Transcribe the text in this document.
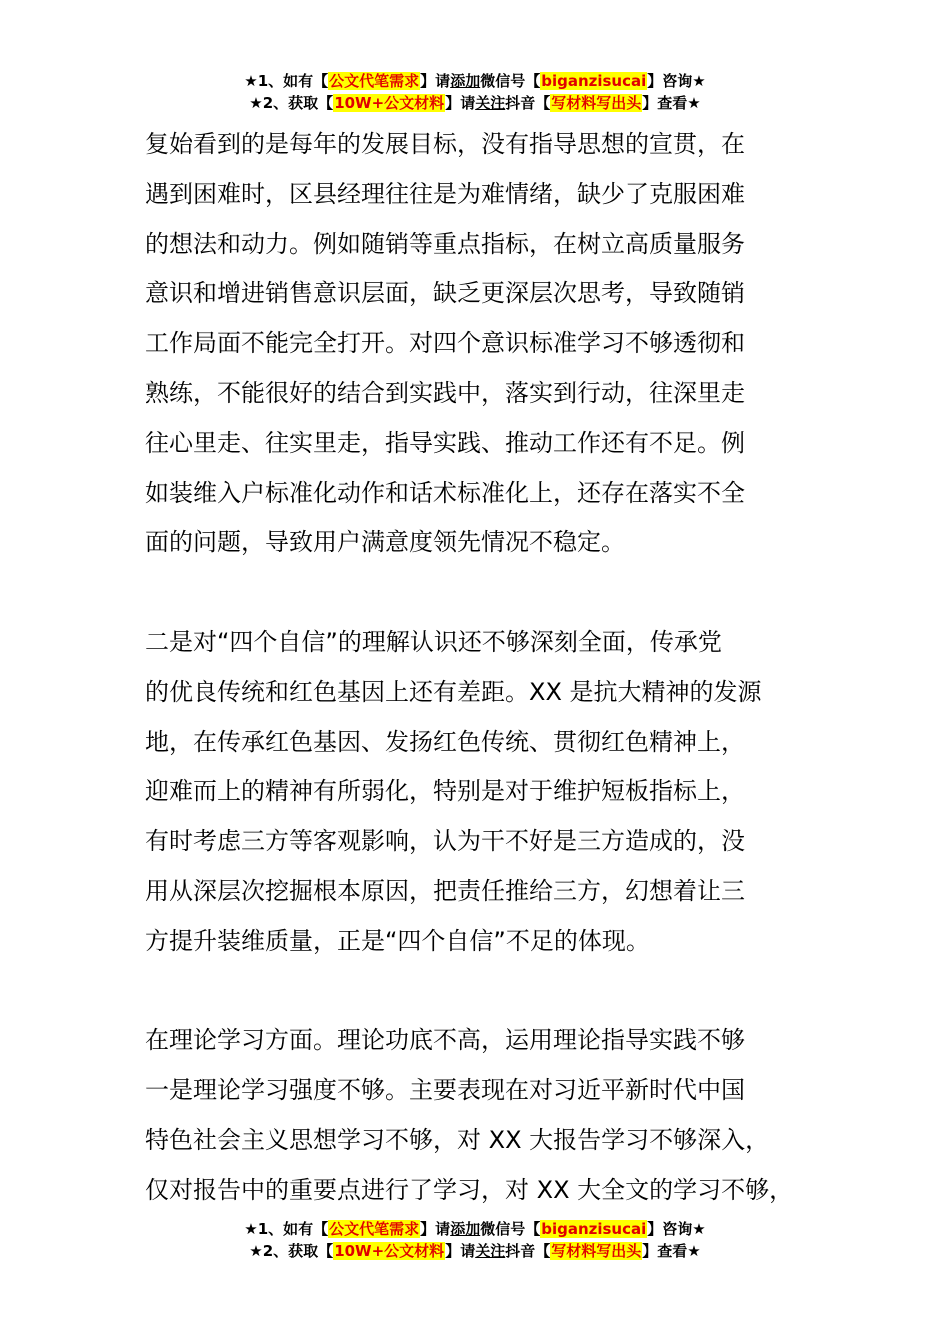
★1、如有【公文代笔需求】请添加微信号【biganzisucai】咨询★
★2、获取【10W+公文材料】请关注抖音【写材料写出头】查看★
复始看到的是每年的发展目标，没有指导思想的宣贯，在
遇到困难时，区县经理往往是为难情绪，缺少了克服困难
的想法和动力。例如随销等重点指标，在树立高质量服务
意识和增进销售意识层面，缺乏更深层次思考，导致随销
工作局面不能完全打开。对四个意识标准学习不够透彻和
熟练，不能很好的结合到实践中，落实到行动，往深里走
往心里走、往实里走，指导实践、推动工作还有不足。例
如装维入户标准化动作和话术标准化上，还存在落实不全
面的问题，导致用户满意度领先情况不稳定。
二是对“四个自信”的理解认识还不够深刻全面，传承党
的优良传统和红色基因上还有差距。XX 是抗大精神的发源
地，在传承红色基因、发扬红色传统、贯彻红色精神上，
迎难而上的精神有所弱化，特别是对于维护短板指标上，
有时考虑三方等客观影响，认为干不好是三方造成的，没
用从深层次挖掘根本原因，把责任推给三方，幻想着让三
方提升装维质量，正是“四个自信”不足的体现。
在理论学习方面。理论功底不高，运用理论指导实践不够
一是理论学习强度不够。主要表现在对习近平新时代中国
特色社会主义思想学习不够，对 XX 大报告学习不够深入，
仅对报告中的重要点进行了学习，对 XX 大全文的学习不够，
★1、如有【公文代笔需求】请添加微信号【biganzisucai】咨询★
★2、获取【10W+公文材料】请关注抖音【写材料写出头】查看★
